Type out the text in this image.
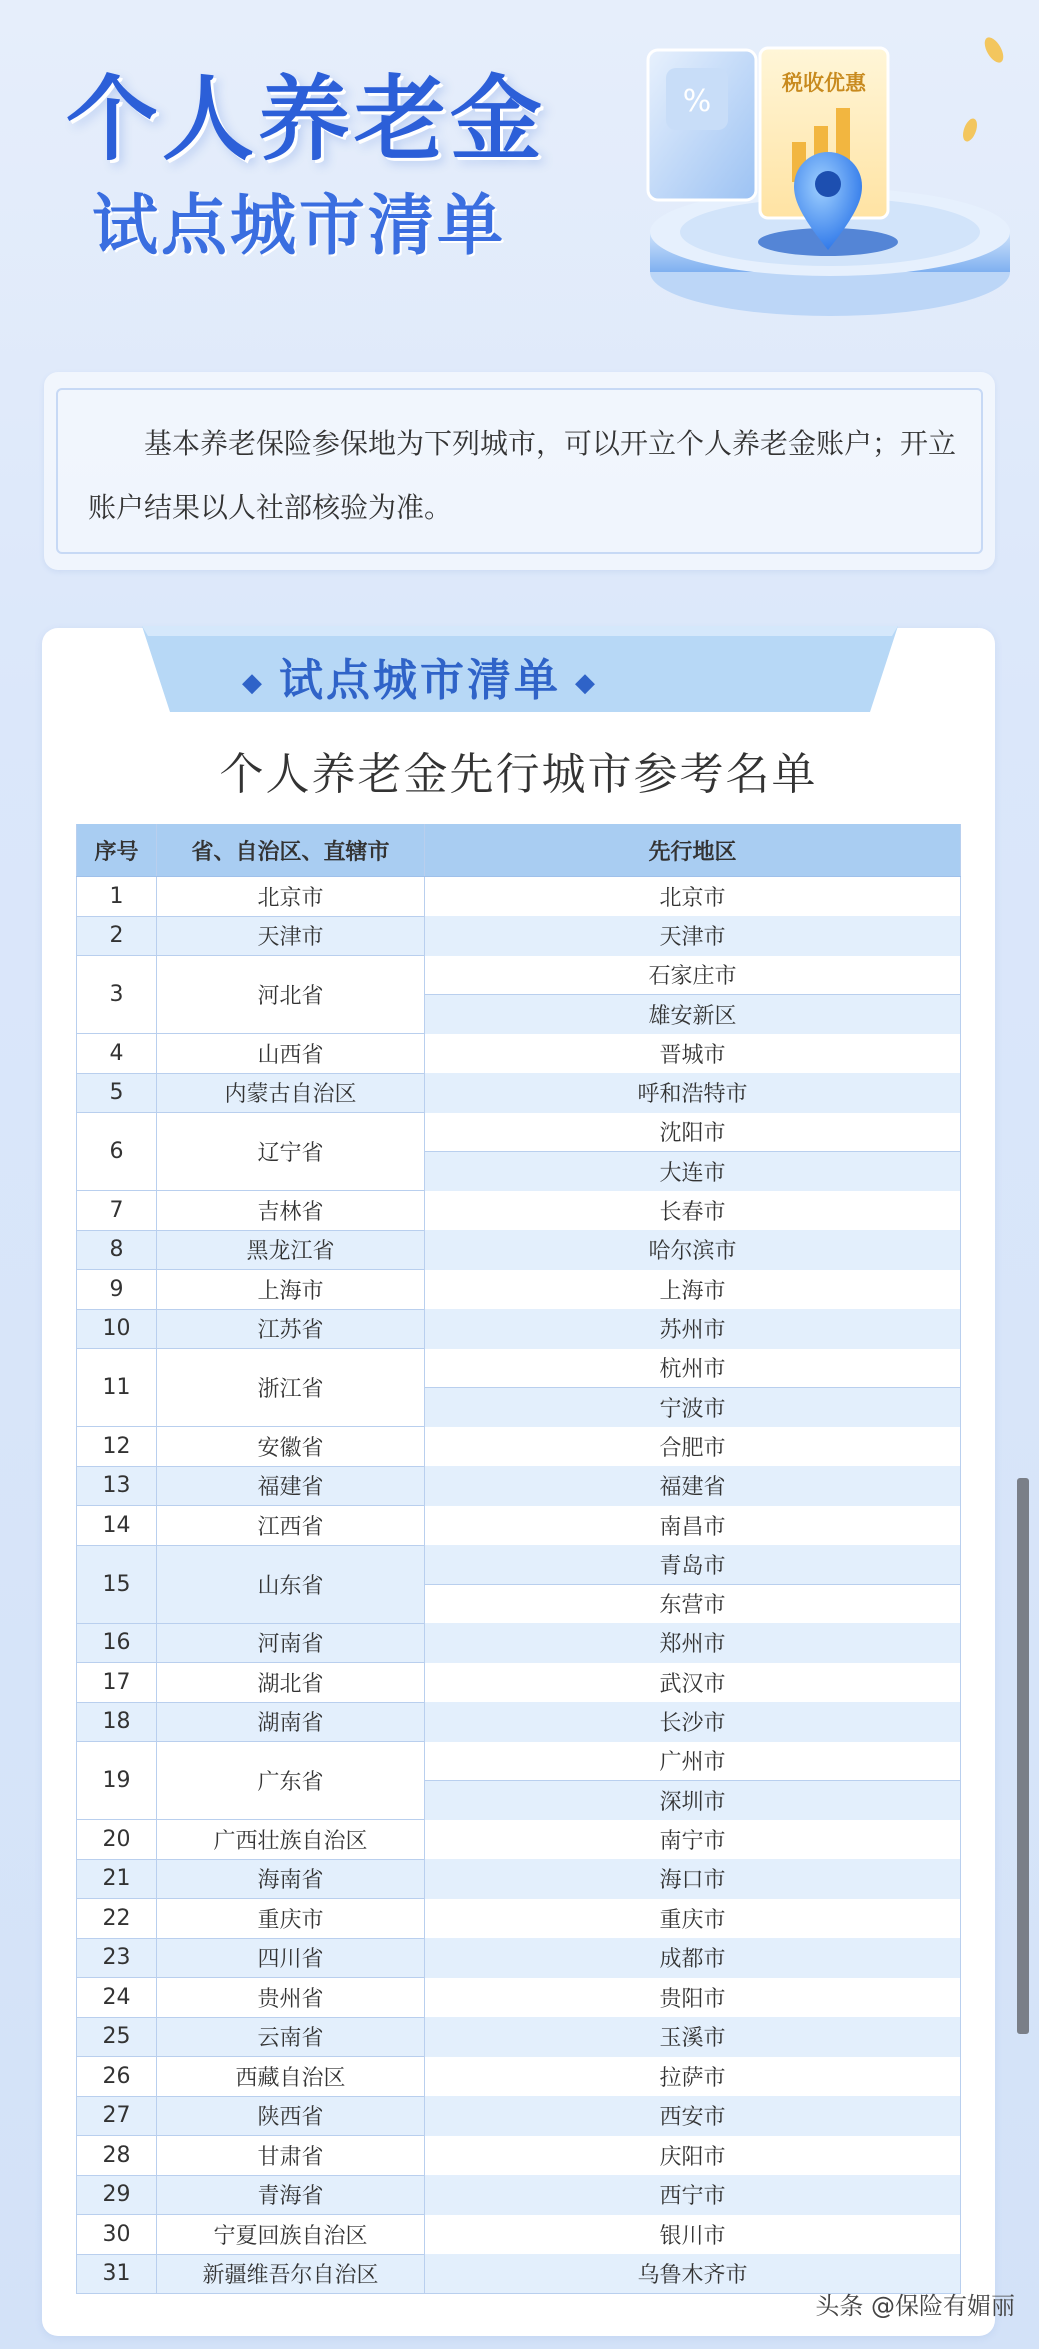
个人养老金
试点城市清单
%
税收优惠
基本养老保险参保地为下列城市，可以开立个人养老金账户；开立账户结果以人社部核验为准。
◆ 试点城市清单 ◆
个人养老金先行城市参考名单
序号	省、自治区、直辖市	先行地区
1	北京市	北京市
2	天津市	天津市
3	河北省	石家庄市
		雄安新区
4	山西省	晋城市
5	内蒙古自治区	呼和浩特市
6	辽宁省	沈阳市
		大连市
7	吉林省	长春市
8	黑龙江省	哈尔滨市
9	上海市	上海市
10	江苏省	苏州市
11	浙江省	杭州市
		宁波市
12	安徽省	合肥市
13	福建省	福建省
14	江西省	南昌市
15	山东省	青岛市
		东营市
16	河南省	郑州市
17	湖北省	武汉市
18	湖南省	长沙市
19	广东省	广州市
		深圳市
20	广西壮族自治区	南宁市
21	海南省	海口市
22	重庆市	重庆市
23	四川省	成都市
24	贵州省	贵阳市
25	云南省	玉溪市
26	西藏自治区	拉萨市
27	陕西省	西安市
28	甘肃省	庆阳市
29	青海省	西宁市
30	宁夏回族自治区	银川市
31	新疆维吾尔自治区	乌鲁木齐市
头条 @保险有媚丽
